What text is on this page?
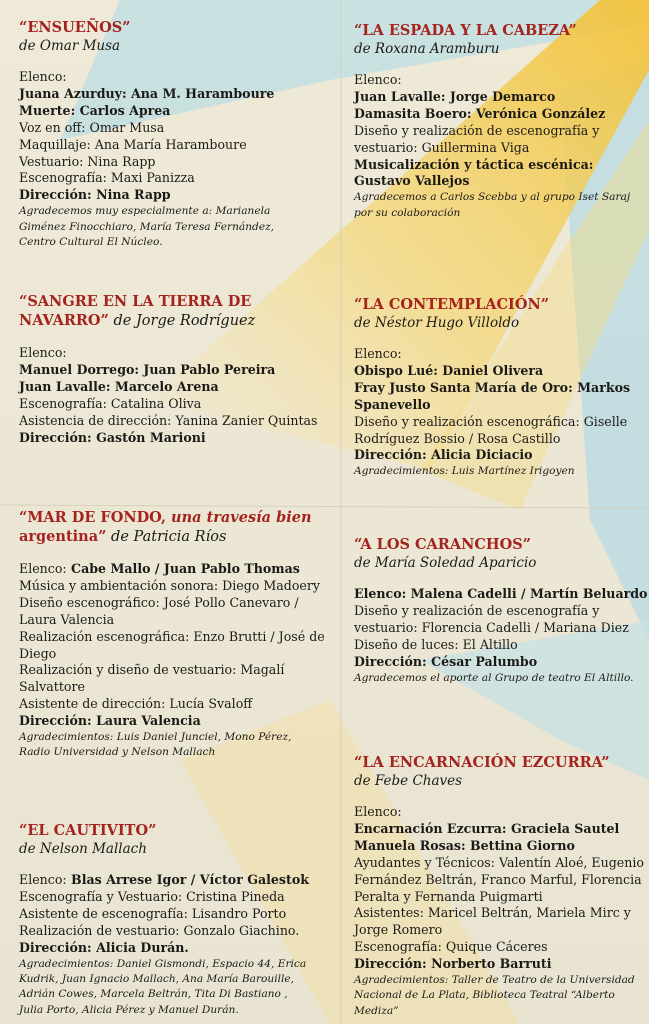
“ENSUEÑOS”

de Omar Musa

Elenco:
Juana Azurduy: Ana M. Haramboure
Muerte: Carlos Aprea
Voz en off: Omar Musa
Maquillaje: Ana María Haramboure
Vestuario: Nina Rapp
Escenografía: Maxi Panizza
Dirección: Nina Rapp
Agradecemos muy especialmente a: Marianela
Giménez Finocchiaro, María Teresa Fernández,
Centro Cultural El Núcleo.

“SANGRE EN LA TIERRA DE

NAVARRO” de Jorge Rodríguez

Elenco:
Manuel Dorrego: Juan Pablo Pereira
Juan Lavalle: Marcelo Arena
Escenografía: Catalina Oliva
Asistencia de dirección: Yanina Zanier Quintas
Dirección: Gastón Marioni

“MAR DE FONDO, una travesía bien

argentina” de Patricia Ríos

Elenco: Cabe Mallo / Juan Pablo Thomas
Música y ambientación sonora: Diego Madoery
Diseño escenográfico: José Pollo Canevaro /
Laura Valencia
Realización escenográfica: Enzo Brutti / José de
Diego
Realización y diseño de vestuario: Magalí
Salvattore
Asistente de dirección: Lucía Svaloff
Dirección: Laura Valencia
Agradecimientos: Luis Daniel Junciel, Mono Pérez,
Radio Universidad y Nelson Mallach

“EL CAUTIVITO”

de Nelson Mallach

Elenco: Blas Arrese Igor / Víctor Galestok
Escenografía y Vestuario: Cristina Pineda
Asistente de escenografía: Lisandro Porto
Realización de vestuario: Gonzalo Giachino.
Dirección: Alicia Durán.
Agradecimientos: Daniel Gismondi, Espacio 44, Erica
Kudrik, Juan Ignacio Mallach, Ana María Barouille,
Adrián Cowes, Marcela Beltrán, Tita Di Bastiano ,
Julia Porto, Alicia Pérez y Manuel Durán.

“LA ESPADA Y LA CABEZA”

de Roxana Aramburu

Elenco:
Juan Lavalle: Jorge Demarco
Damasita Boero: Verónica González
Diseño y realización de escenografía y
vestuario: Guillermina Viga
Musicalización y táctica escénica:
Gustavo Vallejos
Agradecemos a Carlos Scebba y al grupo Iset Saraj
por su colaboración

“LA CONTEMPLACIÓN”

de Néstor Hugo Villoldo

Elenco:
Obispo Lué: Daniel Olivera
Fray Justo Santa María de Oro: Markos
Spanevello
Diseño y realización escenográfica: Giselle
Rodríguez Bossio / Rosa Castillo
Dirección: Alicia Diciacio
Agradecimientos: Luis Martínez Irigoyen

“A LOS CARANCHOS”

de María Soledad Aparicio

Elenco: Malena Cadelli / Martín Beluardo
Diseño y realización de escenografía y
vestuario: Florencia Cadelli / Mariana Diez
Diseño de luces: El Altillo
Dirección: César Palumbo
Agradecemos el aporte al Grupo de teatro El Altillo.

“LA ENCARNACIÓN EZCURRA”

de Febe Chaves

Elenco:
Encarnación Ezcurra: Graciela Sautel
Manuela Rosas: Bettina Giorno
Ayudantes y Técnicos: Valentín Aloé, Eugenio
Fernández Beltrán, Franco Marful, Florencia
Peralta y Fernanda Puigmarti
Asistentes: Maricel Beltrán, Mariela Mirc y
Jorge Romero
Escenografía: Quique Cáceres
Dirección: Norberto Barruti
Agradecimientos: Taller de Teatro de la Universidad
Nacional de La Plata, Biblioteca Teatral “Alberto
Mediza”
